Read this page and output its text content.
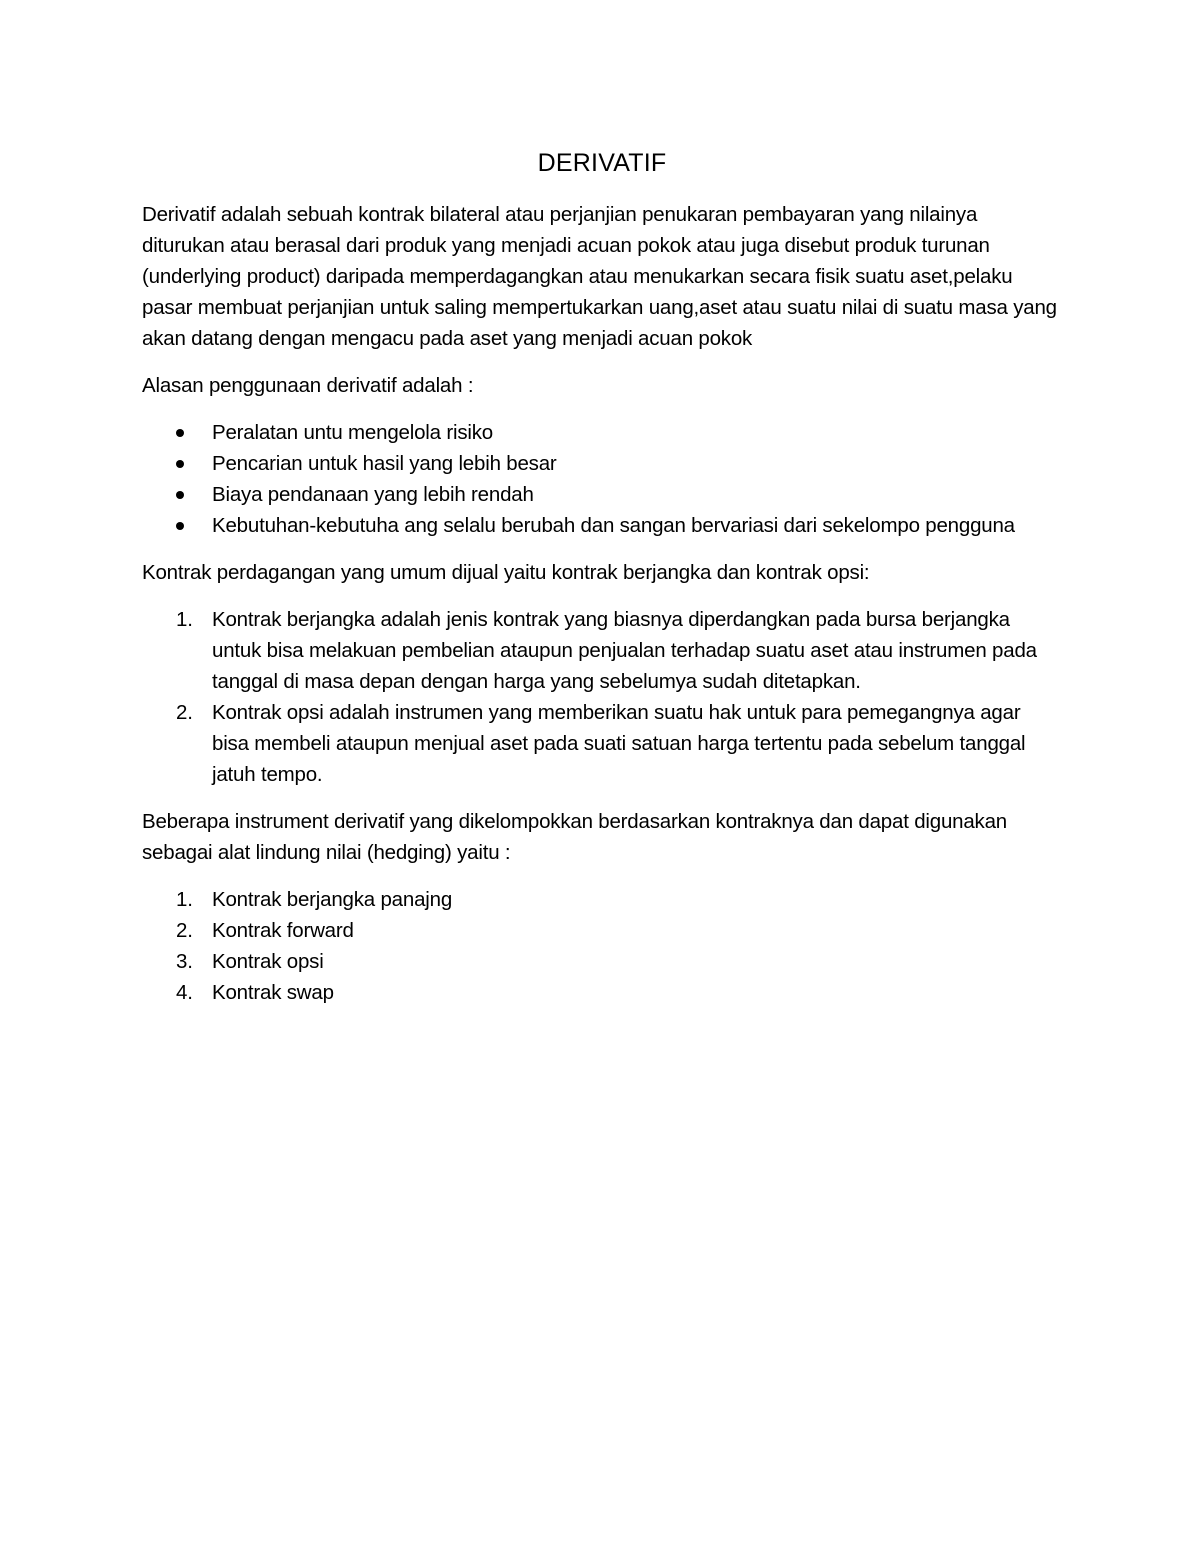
DERIVATIF

Derivatif adalah sebuah kontrak bilateral atau perjanjian penukaran pembayaran yang nilainya diturukan atau berasal dari produk yang menjadi acuan pokok atau juga disebut produk turunan (underlying product) daripada memperdagangkan atau menukarkan secara fisik suatu aset,pelaku pasar membuat perjanjian untuk saling mempertukarkan uang,aset atau suatu nilai di suatu masa yang akan datang dengan mengacu pada aset yang menjadi acuan pokok

Alasan penggunaan derivatif adalah :

Peralatan untu mengelola risiko
Pencarian untuk hasil yang lebih besar
Biaya pendanaan yang lebih rendah
Kebutuhan-kebutuha ang selalu berubah dan sangan bervariasi dari sekelompo pengguna

Kontrak perdagangan yang umum dijual yaitu kontrak berjangka dan kontrak opsi:

1. Kontrak berjangka adalah jenis kontrak yang biasnya diperdangkan pada bursa berjangka untuk bisa melakuan pembelian ataupun penjualan terhadap suatu aset atau instrumen pada tanggal di masa depan dengan harga yang sebelumya sudah ditetapkan.
2. Kontrak opsi adalah instrumen yang memberikan suatu hak untuk para pemegangnya agar bisa membeli ataupun menjual aset pada suati satuan harga tertentu pada sebelum tanggal jatuh tempo.

Beberapa instrument derivatif yang dikelompokkan berdasarkan kontraknya dan dapat digunakan sebagai alat lindung nilai (hedging) yaitu :

1. Kontrak berjangka panajng
2. Kontrak forward
3. Kontrak opsi
4. Kontrak swap
